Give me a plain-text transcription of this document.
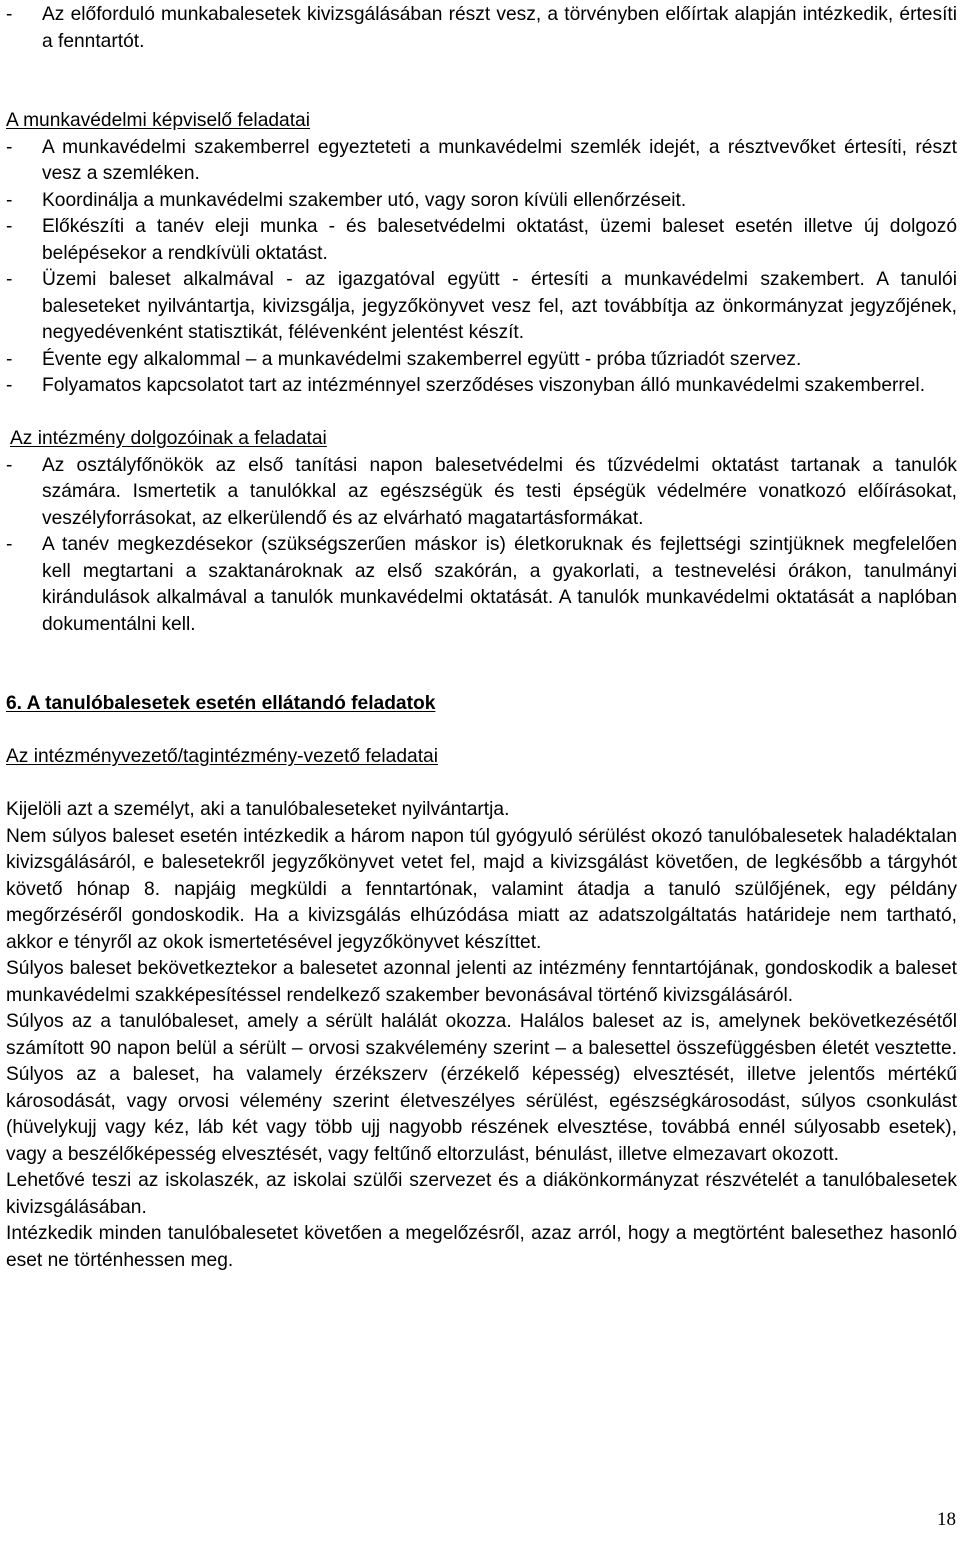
-	Az előforduló munkabalesetek kivizsgálásában részt vesz, a törvényben előírtak alapján intézkedik, értesíti a fenntartót.
A munkavédelmi képviselő feladatai
-	A munkavédelmi szakemberrel egyezteteti a munkavédelmi szemlék idejét, a résztvevőket értesíti, részt vesz a szemléken.
-	Koordinálja a munkavédelmi szakember utó, vagy soron kívüli ellenőrzéseit.
-	Előkészíti a tanév eleji munka - és balesetvédelmi oktatást, üzemi baleset esetén illetve új dolgozó belépésekor a rendkívüli oktatást.
-	Üzemi baleset alkalmával - az igazgatóval együtt - értesíti a munkavédelmi szakembert. A tanulói baleseteket nyilvántartja, kivizsgálja, jegyzőkönyvet vesz fel, azt továbbítja az önkormányzat jegyzőjének, negyedévenként statisztikát, félévenként jelentést készít.
-	Évente egy alkalommal – a munkavédelmi szakemberrel együtt - próba tűzriadót szervez.
-	Folyamatos kapcsolatot tart az intézménnyel szerződéses viszonyban álló munkavédelmi szakemberrel.
Az intézmény dolgozóinak a feladatai
-	Az osztályfőnökök az első tanítási napon balesetvédelmi és tűzvédelmi oktatást tartanak a tanulók számára. Ismertetik a tanulókkal az egészségük és testi épségük védelmére vonatkozó előírásokat, veszélyforrásokat, az elkerülendő és az elvárható magatartásformákat.
-	A tanév megkezdésekor (szükségszerűen máskor is) életkoruknak és fejlettségi szintjüknek megfelelően kell megtartani a szaktanároknak az első szakórán, a gyakorlati, a testnevelési órákon, tanulmányi kirándulások alkalmával a tanulók munkavédelmi oktatását. A tanulók munkavédelmi oktatását a naplóban dokumentálni kell.
6. A tanulóbalesetek esetén ellátandó feladatok
Az intézményvezető/tagintézmény-vezető feladatai
Kijelöli azt a személyt, aki a tanulóbaleseteket nyilvántartja.
Nem súlyos baleset esetén intézkedik a három napon túl gyógyuló sérülést okozó tanulóbalesetek haladéktalan kivizsgálásáról, e balesetekről jegyzőkönyvet vetet fel, majd a kivizsgálást követően, de legkésőbb a tárgyhót követő hónap 8. napjáig megküldi a fenntartónak, valamint átadja a tanuló szülőjének, egy példány megőrzéséről gondoskodik. Ha a kivizsgálás elhúzódása miatt az adatszolgáltatás határideje nem tartható, akkor e tényről az okok ismertetésével jegyzőkönyvet készíttet.
Súlyos baleset bekövetkeztekor a balesetet azonnal jelenti az intézmény fenntartójának, gondoskodik a baleset munkavédelmi szakképesítéssel rendelkező szakember bevonásával történő kivizsgálásáról.
Súlyos az a tanulóbaleset, amely a sérült halálát okozza. Halálos baleset az is, amelynek bekövetkezésétől számított 90 napon belül a sérült – orvosi szakvélemény szerint – a balesettel összefüggésben életét vesztette. Súlyos az a baleset, ha valamely érzékszerv (érzékelő képesség) elvesztését, illetve jelentős mértékű károsodását, vagy orvosi vélemény szerint életveszélyes sérülést, egészségkárosodást, súlyos csonkulást (hüvelykujj vagy kéz, láb két vagy több ujj nagyobb részének elvesztése, továbbá ennél súlyosabb esetek), vagy a beszélőképesség elvesztését, vagy feltűnő eltorzulást, bénulást, illetve elmezavart okozott.
Lehetővé teszi az iskolaszék, az iskolai szülői szervezet és a diákönkormányzat részvételét a tanulóbalesetek kivizsgálásában.
Intézkedik minden tanulóbalesetet követően a megelőzésről, azaz arról, hogy a megtörtént balesethez hasonló eset ne történhessen meg.
18
